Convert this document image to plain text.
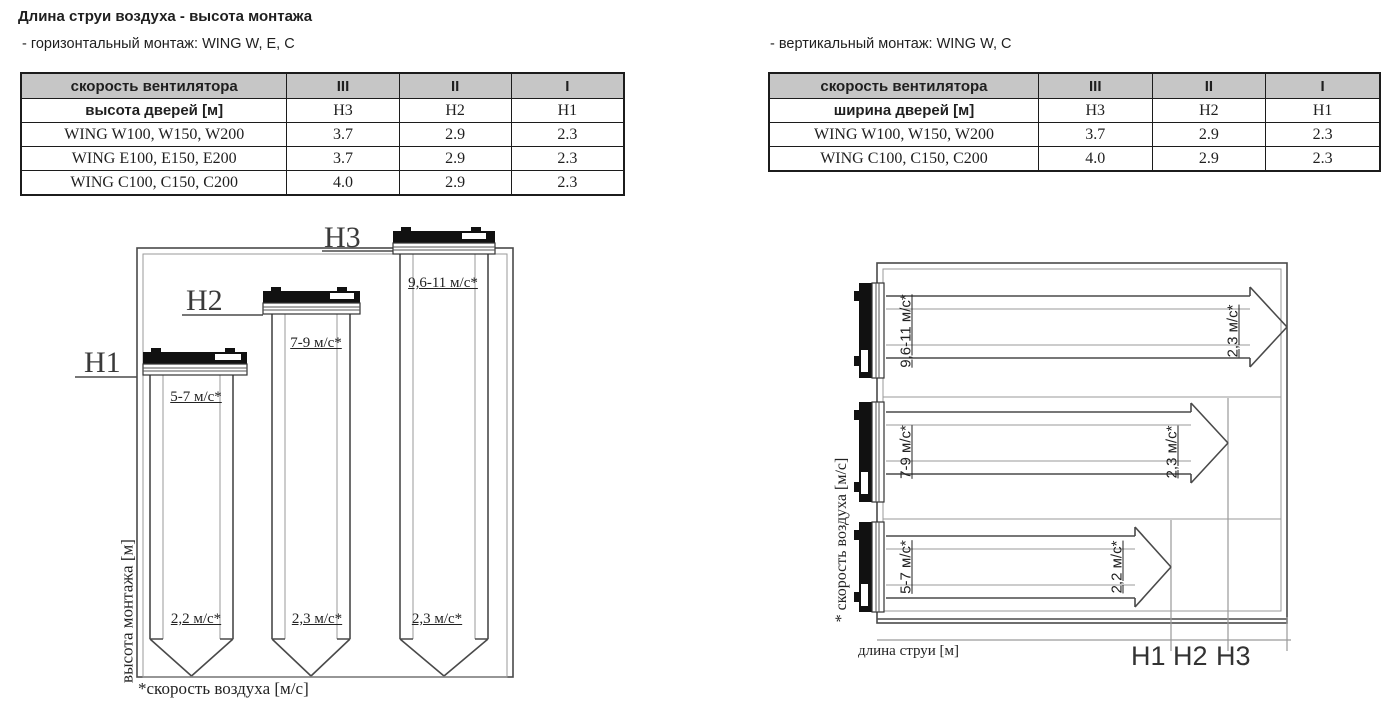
Длина струи воздуха - высота монтажа
- горизонтальный монтаж: WING W, E, C	- вертикальный монтаж: WING W, C
скорость вентилятора	III	II	I
высота дверей [м]	H3	H2	H1
WING W100, W150, W200	3.7	2.9	2.3
WING E100, E150, E200	3.7	2.9	2.3
WING C100, C150, C200	4.0	2.9	2.3
скорость вентилятора	III	II	I
ширина дверей [м]	H3	H2	H1
WING W100, W150, W200	3.7	2.9	2.3
WING C100, C150, C200	4.0	2.9	2.3
H1
H2
H3
5-7 м/с*
7-9 м/с*
9,6-11 м/с*
2,2 м/с*	2,3 м/с*	2,3 м/с*
высота монтажа [м]
*скорость воздуха [м/с]
9,6-11 м/с*
7-9 м/с*
5-7 м/с*
2,3 м/с*
2,3 м/с*
2,2 м/с*
* скорость воздуха [м/с]
длина струи [м]	H1 H2 H3
